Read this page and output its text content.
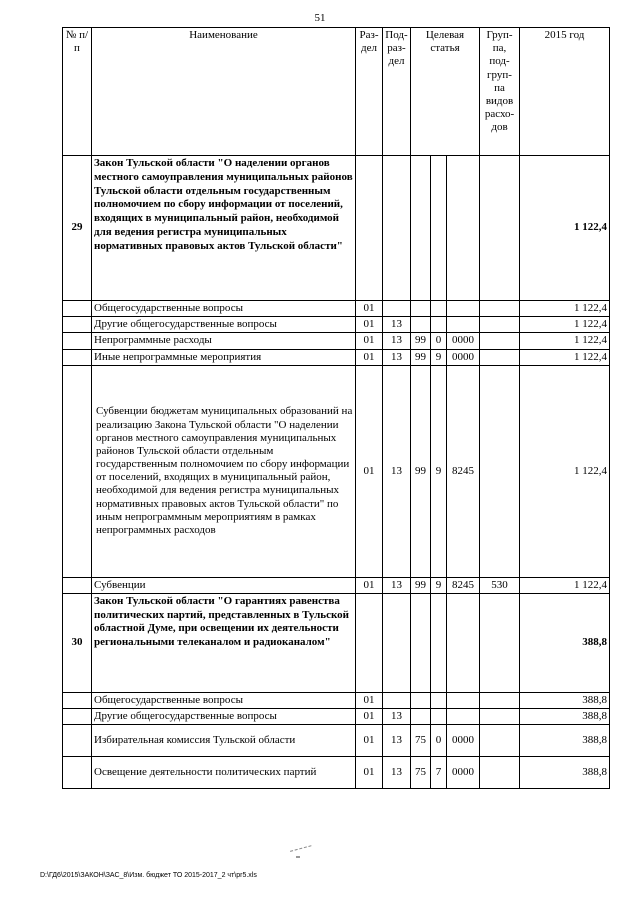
51
№ п/п	Наименование	Раз-дел	Под-раз-дел	Целевая статья			Груп-па, под-груп-па видов расхо-дов	2015 год
29	Закон Тульской области "О наделении органов местного самоуправления муниципальных районов Тульской области отдельным государственным полномочием по сбору информации от поселений, входящих в муниципальный район, необходимой для ведения регистра муниципальных нормативных правовых актов Тульской области"							1 122,4
	Общегосударственные вопросы	01						1 122,4
	Другие общегосударственные вопросы	01	13					1 122,4
	Непрограммные расходы	01	13	99	0	0000		1 122,4
	Иные непрограммные мероприятия	01	13	99	9	0000		1 122,4
	Субвенции бюджетам муниципальных образований на реализацию Закона Тульской области "О наделении органов местного самоуправления муниципальных районов Тульской области отдельным государственным полномочием по сбору информации от поселений, входящих в муниципальный район, необходимой для ведения регистра муниципальных нормативных правовых актов Тульской области" по иным непрограммным мероприятиям в рамках непрограммных расходов	01	13	99	9	8245		1 122,4
	Субвенции	01	13	99	9	8245	530	1 122,4
30	Закон Тульской области "О гарантиях равенства политических партий, представленных в Тульской областной Думе, при освещении их деятельности региональными телеканалом и радиоканалом"							388,8
	Общегосударственные вопросы	01						388,8
	Другие общегосударственные вопросы	01	13					388,8
	Избирательная комиссия Тульской области	01	13	75	0	0000		388,8
	Освещение деятельности политических партий	01	13	75	7	0000		388,8
D:\ГД6\2015\ЗАКОН\ЗАС_8\Изм. бюджет ТО 2015-2017_2 чт\pr5.xls
